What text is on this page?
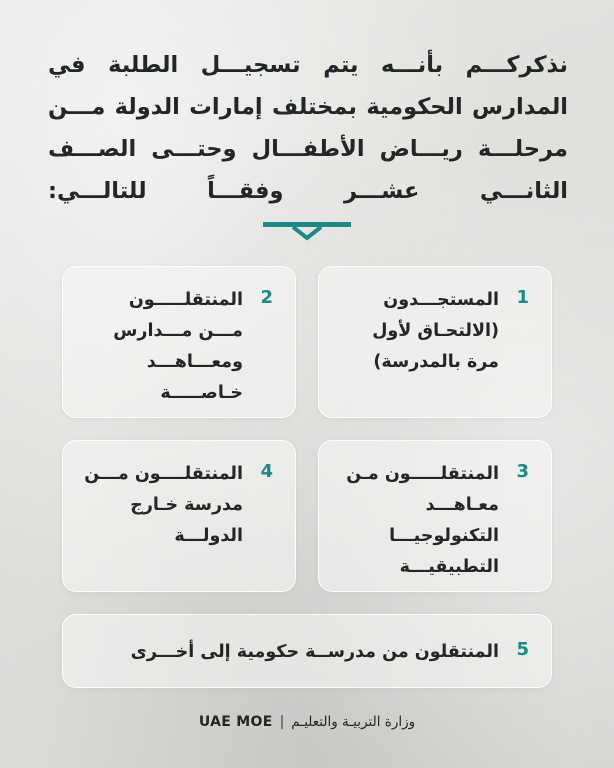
نذكركـــم بأنـــه يتم تسجيـــل الطلبة في المدارس الحكومية بمختلف إمارات الدولة مـــن مرحلـــة ريـــاض الأطفـــال وحتـــى الصـــف الثانـــي عشـــر وفقـــاً للتالـــي:

1
المستجـــدون (الالتحـاق لأول مرة بالمدرسة)
2
المنتقلـــــون مـــن مـــدارس ومعـــاهـــد خـاصـــــة
3
المنتقلـــــون مـن معـاهـــد التكنولوجيـــا التطبيقيـــة
4
المنتقلــــون مـــن مدرسة خـارج الدولـــة
5
المنتقلون من مدرســة حكومية إلى أخـــرى
UAE MOE | وزارة التربيـة والتعليـم
